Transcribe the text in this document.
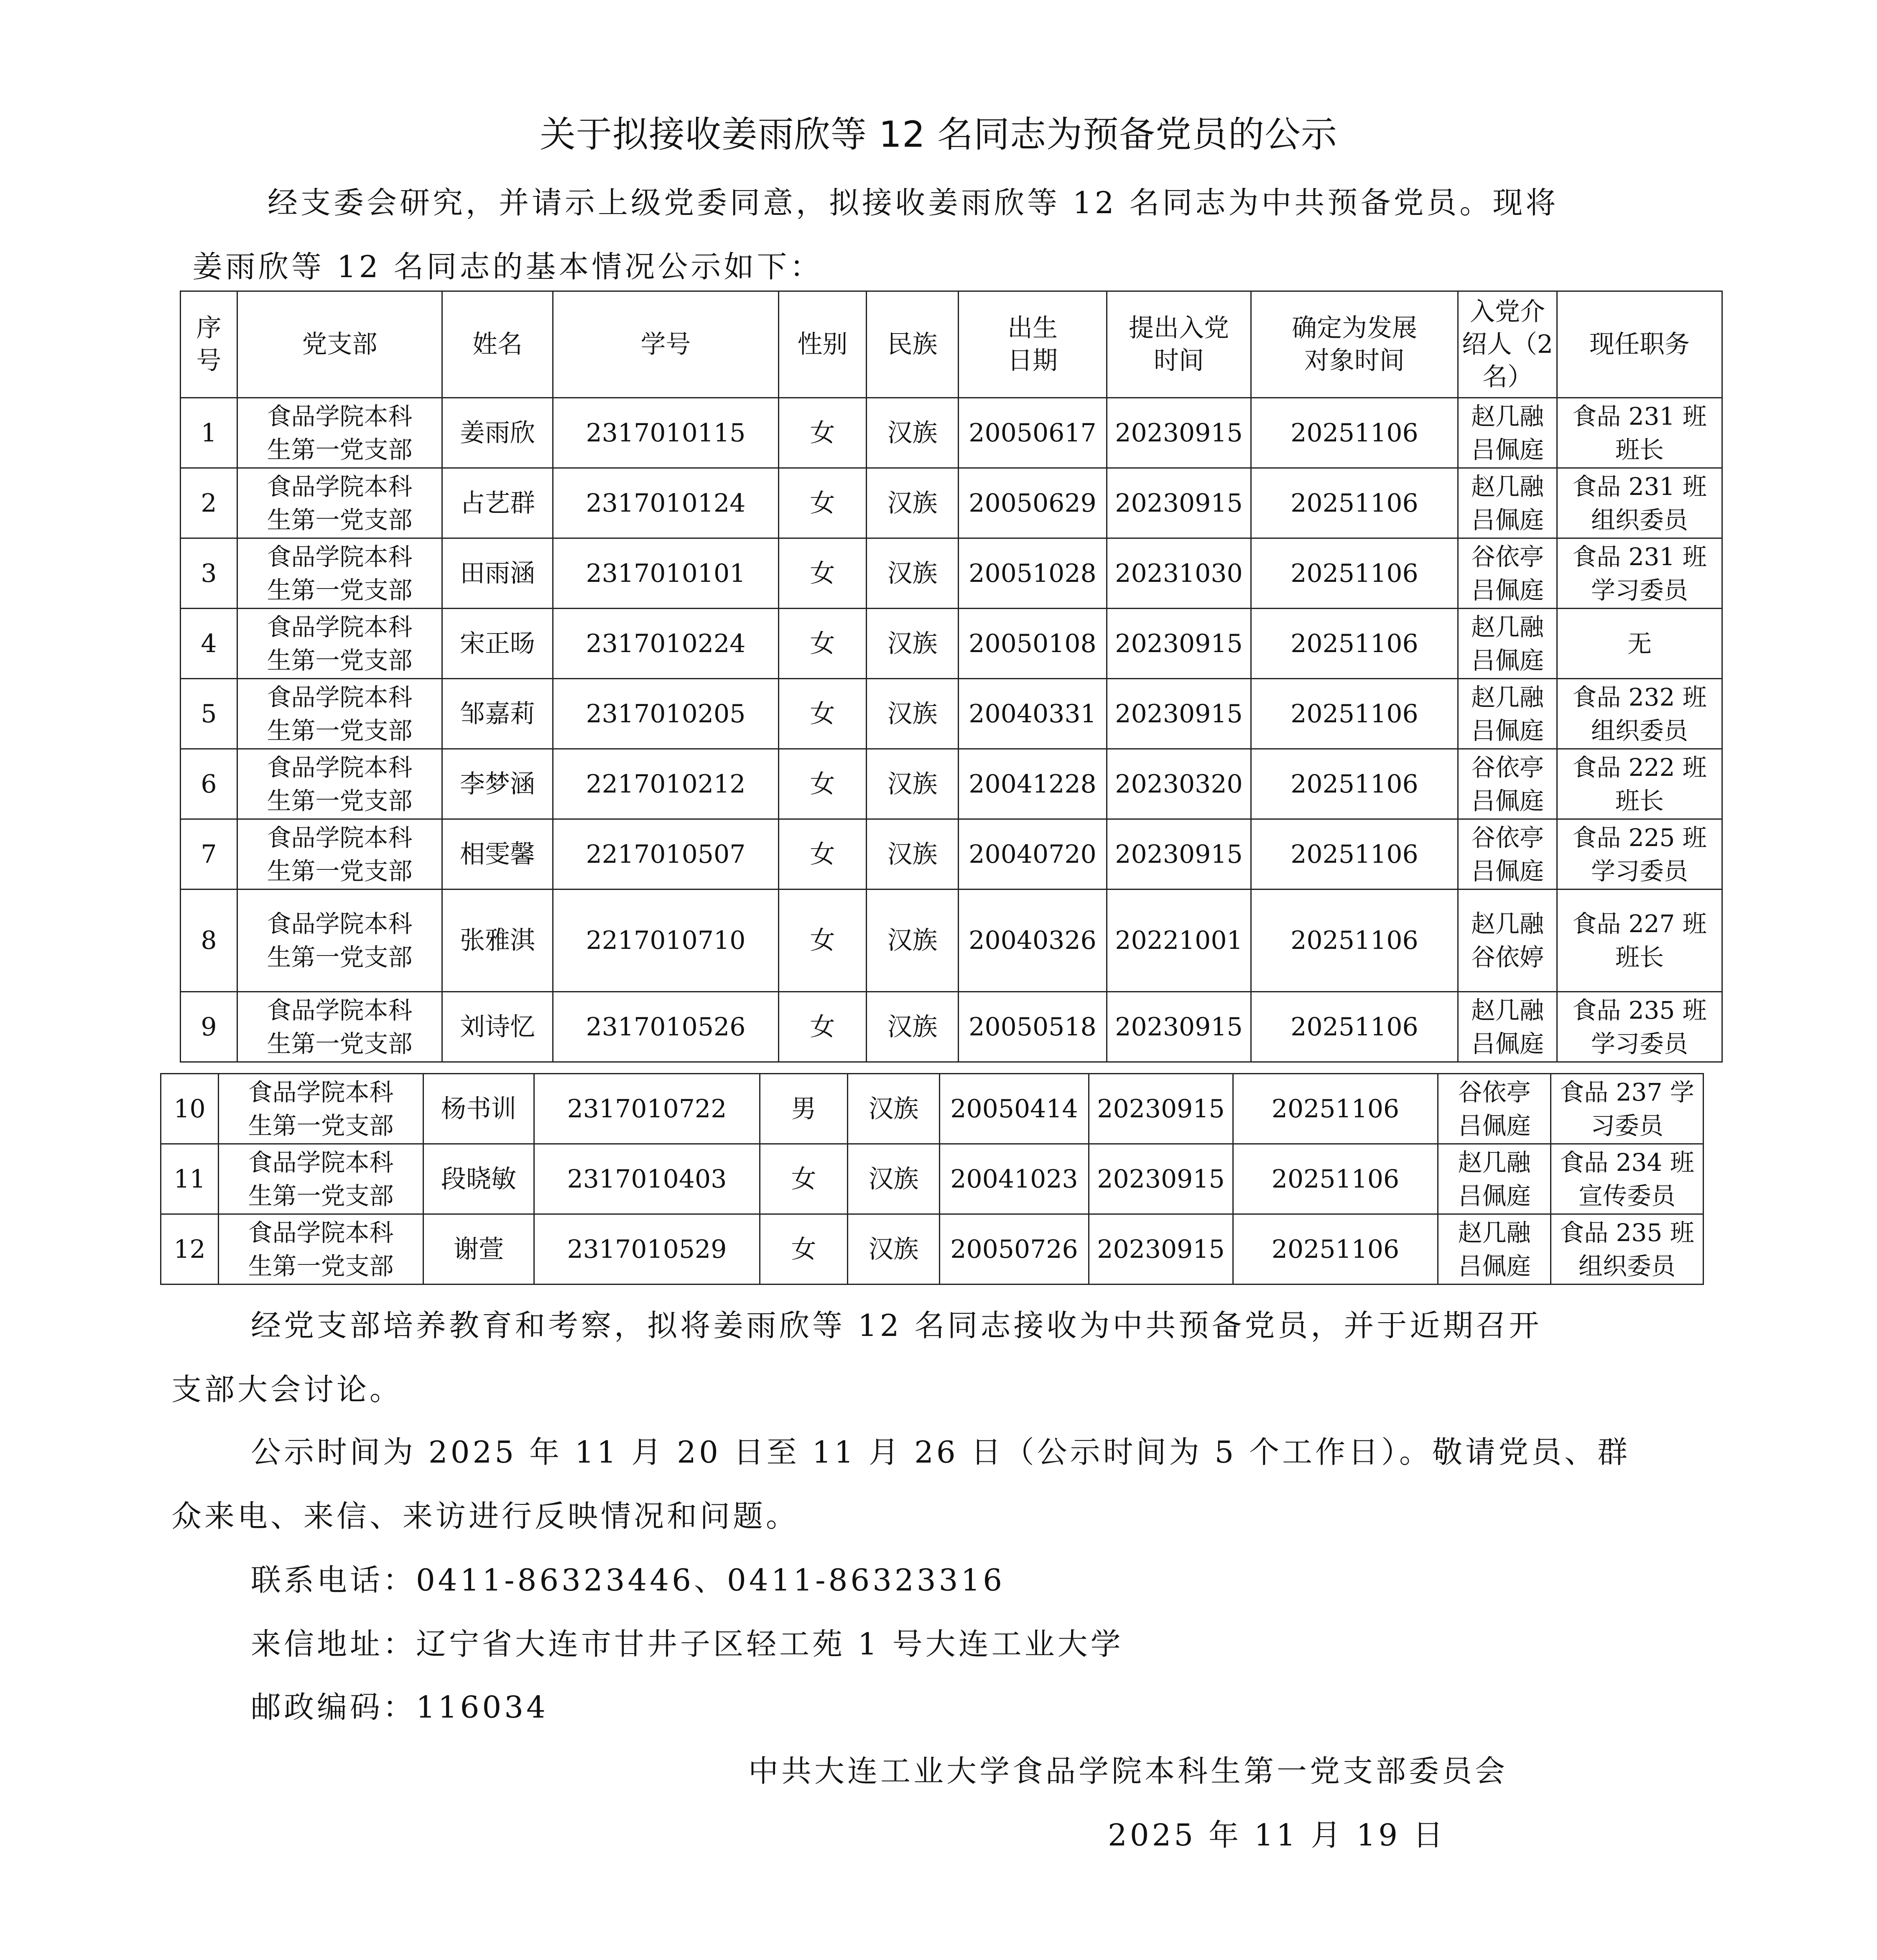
关于拟接收姜雨欣等 12 名同志为预备党员的公示
经支委会研究，并请示上级党委同意，拟接收姜雨欣等 12 名同志为中共预备党员。现将
姜雨欣等 12 名同志的基本情况公示如下：
序
号	党支部	姓名	学号	性别	民族	出生
日期	提出入党
时间	确定为发展
对象时间	入党介
绍人（2
名）	现任职务

1	食品学院本科
生第一党支部	姜雨欣	2317010115	女	汉族	20050617	20230915	20251106	赵几融
吕佩庭	食品 231 班
班长

2	食品学院本科
生第一党支部	占艺群	2317010124	女	汉族	20050629	20230915	20251106	赵几融
吕佩庭	食品 231 班
组织委员

3	食品学院本科
生第一党支部	田雨涵	2317010101	女	汉族	20051028	20231030	20251106	谷依亭
吕佩庭	食品 231 班
学习委员

4	食品学院本科
生第一党支部	宋正旸	2317010224	女	汉族	20050108	20230915	20251106	赵几融
吕佩庭	无

5	食品学院本科
生第一党支部	邹嘉莉	2317010205	女	汉族	20040331	20230915	20251106	赵几融
吕佩庭	食品 232 班
组织委员

6	食品学院本科
生第一党支部	李梦涵	2217010212	女	汉族	20041228	20230320	20251106	谷依亭
吕佩庭	食品 222 班
班长

7	食品学院本科
生第一党支部	相雯馨	2217010507	女	汉族	20040720	20230915	20251106	谷依亭
吕佩庭	食品 225 班
学习委员

8	食品学院本科
生第一党支部	张雅淇	2217010710	女	汉族	20040326	20221001	20251106	赵几融
谷依婷	食品 227 班
班长

9	食品学院本科
生第一党支部	刘诗忆	2317010526	女	汉族	20050518	20230915	20251106	赵几融
吕佩庭	食品 235 班
学习委员
10	食品学院本科
生第一党支部	杨书训	2317010722	男	汉族	20050414	20230915	20251106	谷依亭
吕佩庭	食品 237 学
习委员

11	食品学院本科
生第一党支部	段晓敏	2317010403	女	汉族	20041023	20230915	20251106	赵几融
吕佩庭	食品 234 班
宣传委员

12	食品学院本科
生第一党支部	谢萱	2317010529	女	汉族	20050726	20230915	20251106	赵几融
吕佩庭	食品 235 班
组织委员
经党支部培养教育和考察，拟将姜雨欣等 12 名同志接收为中共预备党员，并于近期召开
支部大会讨论。
公示时间为 2025 年 11 月 20 日至 11 月 26 日（公示时间为 5 个工作日）。敬请党员、群
众来电、来信、来访进行反映情况和问题。
联系电话：0411-86323446、0411-86323316
来信地址：辽宁省大连市甘井子区轻工苑 1 号大连工业大学
邮政编码：116034
中共大连工业大学食品学院本科生第一党支部委员会
2025 年 11 月 19 日
